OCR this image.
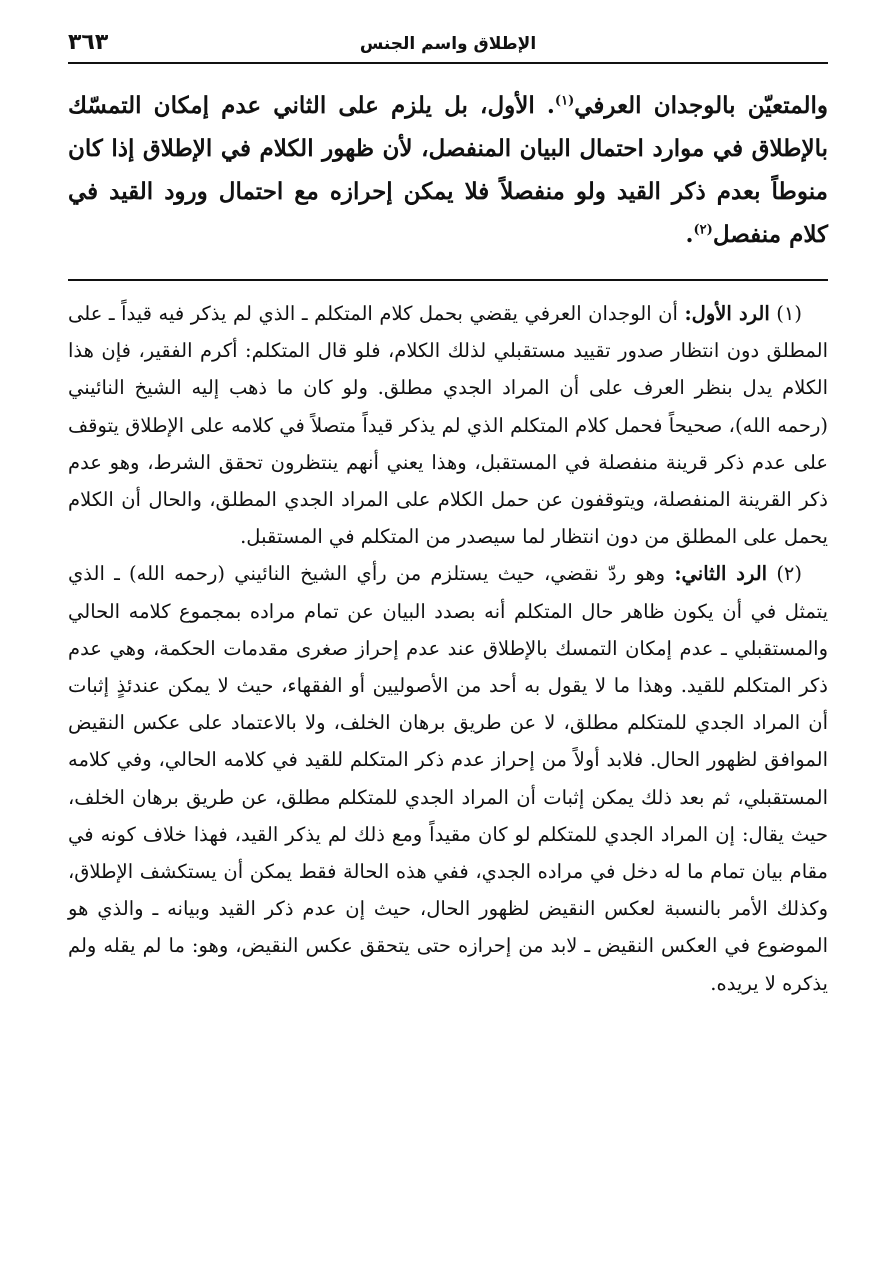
٣٦٣	الإطلاق واسم الجنس

والمتعيّن بالوجدان العرفي$^{(١)}$. الأول، بل يلزم على الثاني عدم إمكان التمسّك بالإطلاق في موارد احتمال البيان المنفصل، لأن ظهور الكلام في الإطلاق إذا كان منوطاً بعدم ذكر القيد ولو منفصلاً فلا يمكن إحرازه مع احتمال ورود القيد في كلام منفصل$^{(٢)}$.

(١) الرد الأول: أن الوجدان العرفي يقضي بحمل كلام المتكلم ـ الذي لم يذكر فيه قيداً ـ على المطلق دون انتظار صدور تقييد مستقبلي لذلك الكلام، فلو قال المتكلم: أكرم الفقير، فإن هذا الكلام يدل بنظر العرف على أن المراد الجدي مطلق. ولو كان ما ذهب إليه الشيخ النائيني (رحمه الله)، صحيحاً فحمل كلام المتكلم الذي لم يذكر قيداً متصلاً في كلامه على الإطلاق يتوقف على عدم ذكر قرينة منفصلة في المستقبل، وهذا يعني أنهم ينتظرون تحقق الشرط، وهو عدم ذكر القرينة المنفصلة، ويتوقفون عن حمل الكلام على المراد الجدي المطلق، والحال أن الكلام يحمل على المطلق من دون انتظار لما سيصدر من المتكلم في المستقبل.

(٢) الرد الثاني: وهو ردّ نقضي، حيث يستلزم من رأي الشيخ النائيني (رحمه الله) ـ الذي يتمثل في أن يكون ظاهر حال المتكلم أنه بصدد البيان عن تمام مراده بمجموع كلامه الحالي والمستقبلي ـ عدم إمكان التمسك بالإطلاق عند عدم إحراز صغرى مقدمات الحكمة، وهي عدم ذكر المتكلم للقيد. وهذا ما لا يقول به أحد من الأصوليين أو الفقهاء، حيث لا يمكن عندئذٍ إثبات أن المراد الجدي للمتكلم مطلق، لا عن طريق برهان الخلف، ولا بالاعتماد على عكس النقيض الموافق لظهور الحال. فلابد أولاً من إحراز عدم ذكر المتكلم للقيد في كلامه الحالي، وفي كلامه المستقبلي، ثم بعد ذلك يمكن إثبات أن المراد الجدي للمتكلم مطلق، عن طريق برهان الخلف، حيث يقال: إن المراد الجدي للمتكلم لو كان مقيداً ومع ذلك لم يذكر القيد، فهذا خلاف كونه في مقام بيان تمام ما له دخل في مراده الجدي، ففي هذه الحالة فقط يمكن أن يستكشف الإطلاق، وكذلك الأمر بالنسبة لعكس النقيض لظهور الحال، حيث إن عدم ذكر القيد وبيانه ـ والذي هو الموضوع في العكس النقيض ـ لابد من إحرازه حتى يتحقق عكس النقيض، وهو: ما لم يقله ولم يذكره لا يريده.
